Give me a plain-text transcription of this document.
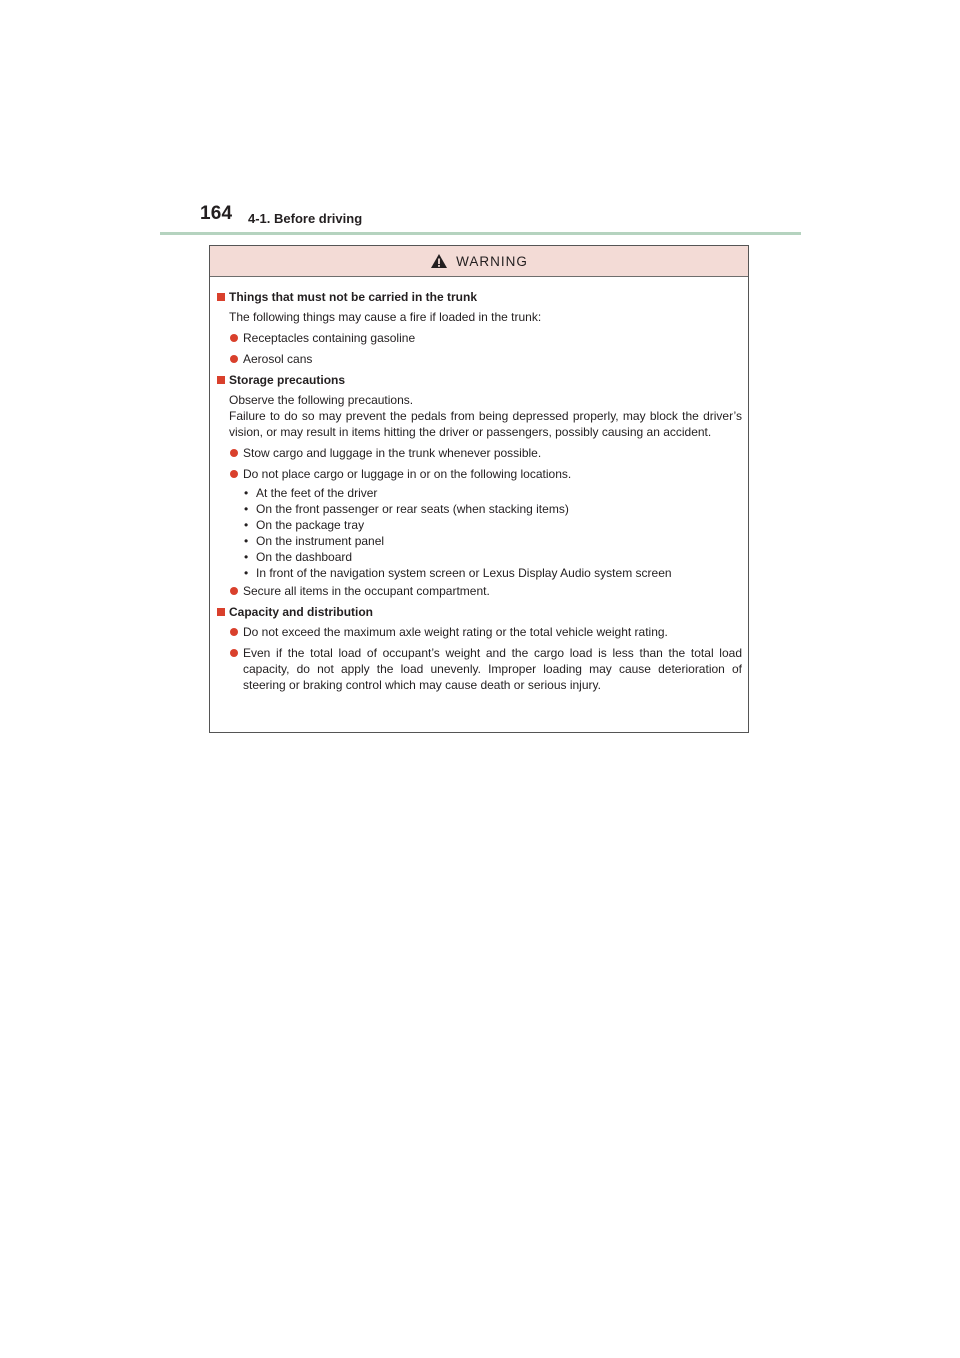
164 4-1. Before driving
WARNING
Things that must not be carried in the trunk
The following things may cause a fire if loaded in the trunk:
Receptacles containing gasoline
Aerosol cans
Storage precautions
Observe the following precautions.
Failure to do so may prevent the pedals from being depressed properly, may block the driver’s vision, or may result in items hitting the driver or passengers, possibly causing an accident.
Stow cargo and luggage in the trunk whenever possible.
Do not place cargo or luggage in or on the following locations.
• At the feet of the driver
• On the front passenger or rear seats (when stacking items)
• On the package tray
• On the instrument panel
• On the dashboard
• In front of the navigation system screen or Lexus Display Audio system screen
Secure all items in the occupant compartment.
Capacity and distribution
Do not exceed the maximum axle weight rating or the total vehicle weight rating.
Even if the total load of occupant’s weight and the cargo load is less than the total load capacity, do not apply the load unevenly. Improper loading may cause deterioration of steering or braking control which may cause death or serious injury.
